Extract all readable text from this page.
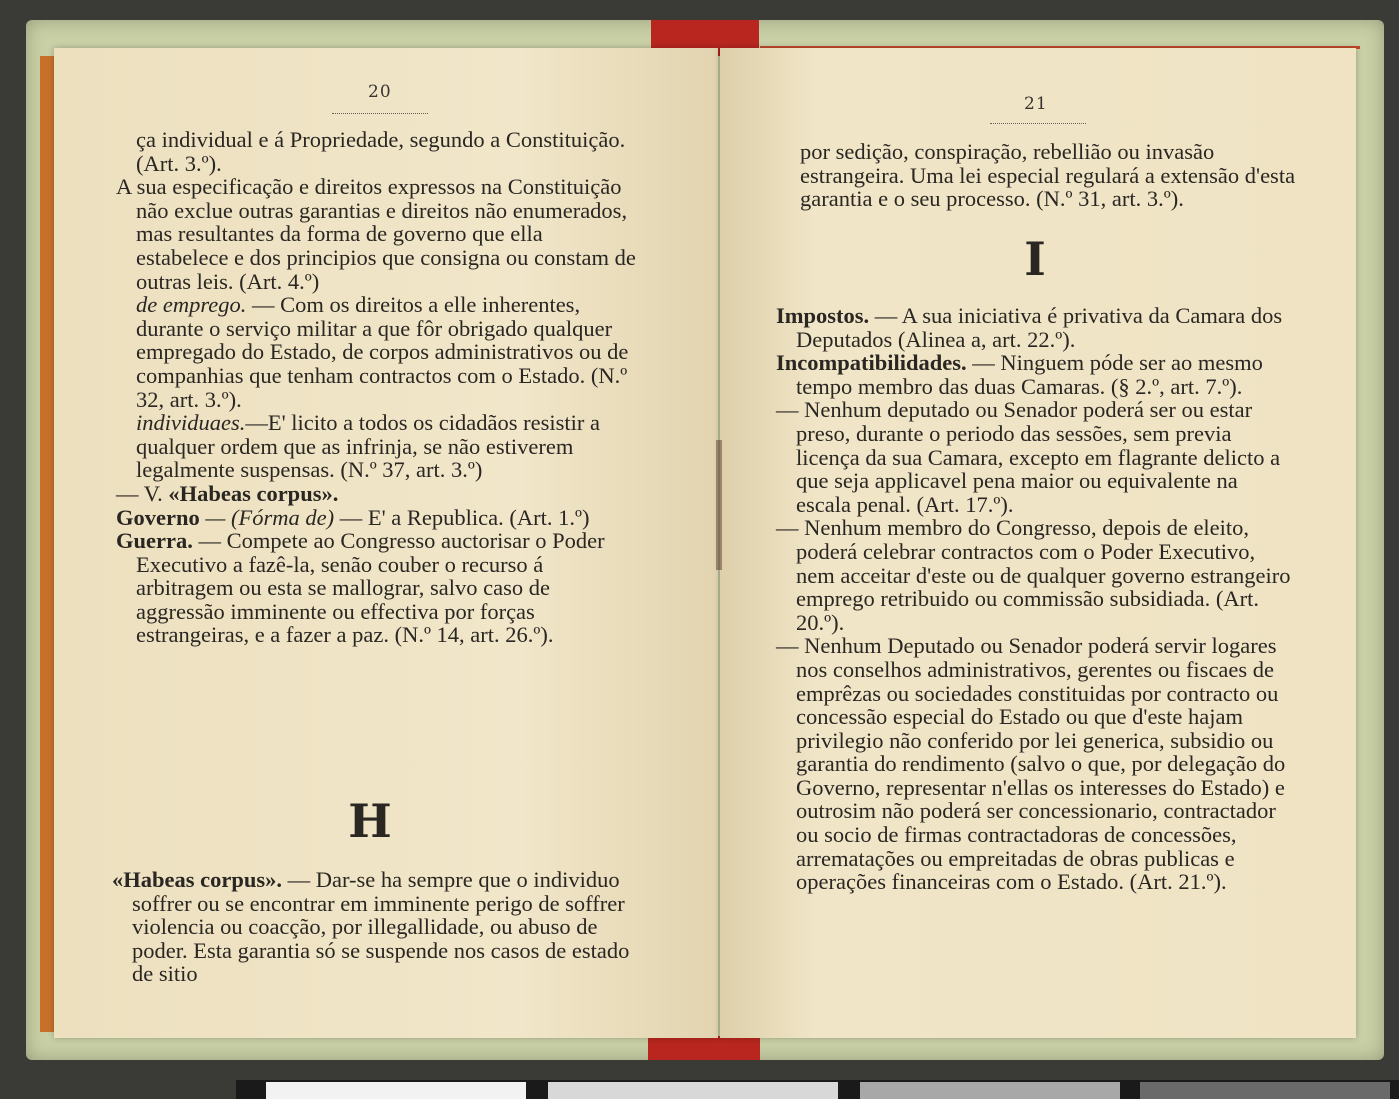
20

ça individual e á Propriedade, segundo a Constituição. (Art. 3.º).

A sua especificação e direitos expressos na Constituição não exclue outras garantias e direitos não enumerados, mas resultantes da forma de governo que ella estabelece e dos principios que consigna ou constam de outras leis. (Art. 4.º)

de emprego. — Com os direitos a elle inherentes, durante o serviço militar a que fôr obrigado qualquer empregado do Estado, de corpos administrativos ou de companhias que tenham contractos com o Estado. (N.º 32, art. 3.º).

individuaes.—E' licito a todos os cidadãos resistir a qualquer ordem que as infrinja, se não estiverem legalmente suspensas. (N.º 37, art. 3.º)

— V. «Habeas corpus».

Governo — (Fórma de) — E' a Republica. (Art. 1.º)

Guerra. — Compete ao Congresso auctorisar o Poder Executivo a fazê-la, senão couber o recurso á arbitragem ou esta se mallograr, salvo caso de aggressão imminente ou effectiva por forças estrangeiras, e a fazer a paz. (N.º 14, art. 26.º).

H

«Habeas corpus». — Dar-se ha sempre que o individuo soffrer ou se encontrar em imminente perigo de soffrer violencia ou coacção, por illegallidade, ou abuso de poder. Esta garantia só se suspende nos casos de estado de sitio

21

por sedição, conspiração, rebellião ou invasão estrangeira. Uma lei especial regulará a extensão d'esta garantia e o seu processo. (N.º 31, art. 3.º).

I

Impostos. — A sua iniciativa é privativa da Camara dos Deputados (Alinea a, art. 22.º).

Incompatibilidades. — Ninguem póde ser ao mesmo tempo membro das duas Camaras. (§ 2.º, art. 7.º).

— Nenhum deputado ou Senador poderá ser ou estar preso, durante o periodo das sessões, sem previa licença da sua Camara, excepto em flagrante delicto a que seja applicavel pena maior ou equivalente na escala penal. (Art. 17.º).

— Nenhum membro do Congresso, depois de eleito, poderá celebrar contractos com o Poder Executivo, nem acceitar d'este ou de qualquer governo estrangeiro emprego retribuido ou commissão subsidiada. (Art. 20.º).

— Nenhum Deputado ou Senador poderá servir logares nos conselhos administrativos, gerentes ou fiscaes de emprêzas ou sociedades constituidas por contracto ou concessão especial do Estado ou que d'este hajam privilegio não conferido por lei generica, subsidio ou garantia do rendimento (salvo o que, por delegação do Governo, representar n'ellas os interesses do Estado) e outrosim não poderá ser concessionario, contractador ou socio de firmas contractadoras de concessões, arrematações ou empreitadas de obras publicas e operações financeiras com o Estado. (Art. 21.º).
